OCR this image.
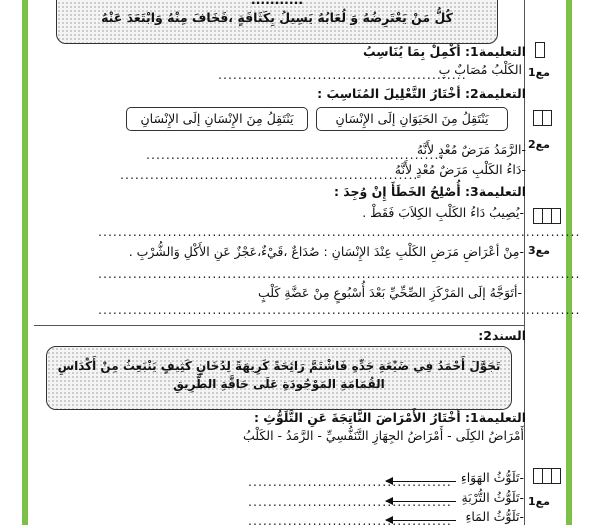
كُلُّ مَنْ يَعْتَرِضُهُ وَ لُعَابُهُ يَسِيلُ بِكَثَافَةٍ ،فَخَافَ مِنْهُ وَابْتَعَدَ عَنْهُ
التعليمة1: أكْمِلْ بِمَا يُنَاسِبُ
الكَلْبُ مُصَابٌ بِ
..................................................	مع1
التعليمة2: أخْتَارُ التَّعْلِيلَ المُنَاسِبَ :
يَنْتَقِلُ مِنَ الحَيَوَانِ إلَى الإِنْسَانِ
يَنْتَقِلُ مِنَ الإِنْسَانِ إلَى الإِنْسَانِ
مع2
-الرَّمَدُ مَرَضٌ مُعْدٍ لأَنَّهُ
............................................................
-دَاءُ الكَلْبِ مَرَضٌ مُعْدٍ لأَنَّهُ
............................................................
التعليمة3: أُصْلِحُ الخَطَأَ إِنْ وُجِدَ :
-يُصِيبُ دَاءُ الكَلْبِ الكِلاَبَ فَقَطْ .
.................................................................................................
-مِنْ أعْرَاضِ مَرَضِ الكَلْبِ عِنْدَ الإِنْسَانِ : صُدَاعٌ ،قَيْءٌ،عَجْزٌ عَنِ الأَكْلِ وَالشُّرْبِ . مع3
.................................................................................................
-أتَوَجَّهُ إلَى المَرْكَزِ الصِّحِّيِّ بَعْدَ أُسْبُوعٍ مِنْ عَضَّةِ كَلْبٍ
.................................................................................................
السند2:
تَجَوَّلَ أَحْمَدُ فِي ضَيْعَةِ جَدِّهِ فَاشْتَمَّ رَائِحَةً كَرِيهَةً لِدُخَانٍ كَثِيفٍ يَنْبَعِثُ مِنْ أَكْدَاسِ
القُمَامَةِ المَوْجُودَةِ عَلَى حَافَّةِ الطَّرِيقِ
التعليمة1: أخْتَارُ الأَمْرَاضَ النَّاتِجَةَ عَنِ التَّلَوُّثِ :
أَمْرَاضُ الكِلَى - أَمْرَاضُ الجِهَازِ التَّنَفُّسِيِّ - الرَّمَدُ - الكَلْبُ
مع1
-تَلَوُّثُ الهَوَاءِ
.........................................
-تَلَوُّثُ التُّرْبَةِ
.........................................
-تَلَوُّثُ المَاءِ
.........................................
